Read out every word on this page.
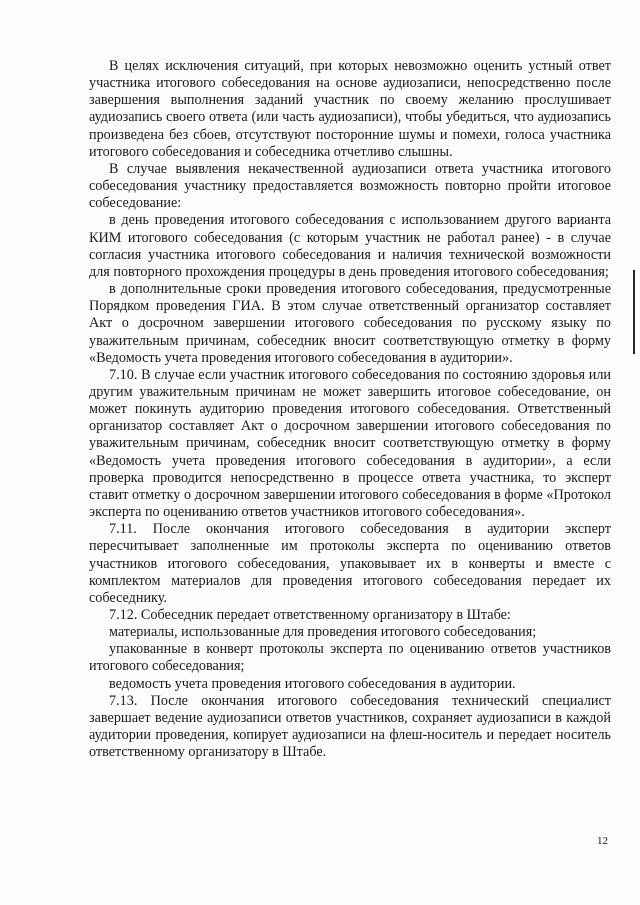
В целях исключения ситуаций, при которых невозможно оценить устный ответ участника итогового собеседования на основе аудиозаписи, непосредственно после завершения выполнения заданий участник по своему желанию прослушивает аудиозапись своего ответа (или часть аудиозаписи), чтобы убедиться, что аудиозапись произведена без сбоев, отсутствуют посторонние шумы и помехи, голоса участника итогового собеседования и собеседника отчетливо слышны.

В случае выявления некачественной аудиозаписи ответа участника итогового собеседования участнику предоставляется возможность повторно пройти итоговое собеседование:

в день проведения итогового собеседования с использованием другого варианта КИМ итогового собеседования (с которым участник не работал ранее) - в случае согласия участника итогового собеседования и наличия технической возможности для повторного прохождения процедуры в день проведения итогового собеседования;

в дополнительные сроки проведения итогового собеседования, предусмотренные Порядком проведения ГИА. В этом случае ответственный организатор составляет Акт о досрочном завершении итогового собеседования по русскому языку по уважительным причинам, собеседник вносит соответствующую отметку в форму «Ведомость учета проведения итогового собеседования в аудитории».

7.10. В случае если участник итогового собеседования по состоянию здоровья или другим уважительным причинам не может завершить итоговое собеседование, он может покинуть аудиторию проведения итогового собеседования. Ответственный организатор составляет Акт о досрочном завершении итогового собеседования по уважительным причинам, собеседник вносит соответствующую отметку в форму «Ведомость учета проведения итогового собеседования в аудитории», а если проверка проводится непосредственно в процессе ответа участника, то эксперт ставит отметку о досрочном завершении итогового собеседования в форме «Протокол эксперта по оцениванию ответов участников итогового собеседования».

7.11. После окончания итогового собеседования в аудитории эксперт пересчитывает заполненные им протоколы эксперта по оцениванию ответов участников итогового собеседования, упаковывает их в конверты и вместе с комплектом материалов для проведения итогового собеседования передает их собеседнику.

7.12. Собеседник передает ответственному организатору в Штабе:

материалы, использованные для проведения итогового собеседования;

упакованные в конверт протоколы эксперта по оцениванию ответов участников итогового собеседования;

ведомость учета проведения итогового собеседования в аудитории.

7.13. После окончания итогового собеседования технический специалист завершает ведение аудиозаписи ответов участников, сохраняет аудиозаписи в каждой аудитории проведения, копирует аудиозаписи на флеш-носитель и передает носитель ответственному организатору в Штабе.

12
